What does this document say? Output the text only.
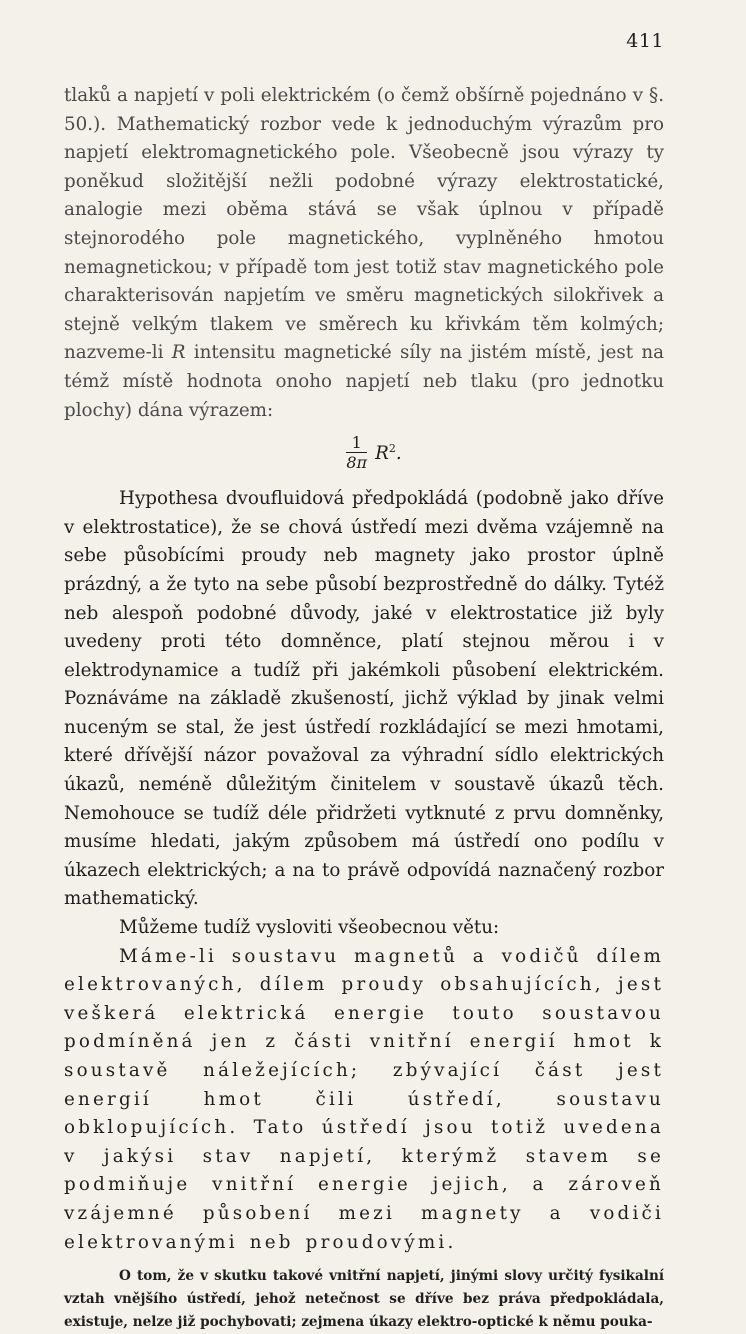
411

tlaků a napjetí v poli elektrickém (o čemž obšírně pojednáno v §. 50.). Mathematický rozbor vede k jednoduchým výrazům pro napjetí elektromagnetického pole. Všeobecně jsou výrazy ty poněkud složitější nežli podobné výrazy elektrostatické, analogie mezi oběma stává se však úplnou v případě stejnorodého pole magnetického, vyplněného hmotou nemagnetickou; v případě tom jest totiž stav magnetického pole charakterisován napjetím ve směru magnetických silokřivek a stejně velkým tlakem ve směrech ku křivkám těm kolmých; nazveme-li R intensitu magnetické síly na jistém místě, jest na témž místě hodnota onoho napjetí neb tlaku (pro jednotku plochy) dána výrazem:

$\frac{1}{8\pi} R^2$.

Hypothesa dvoufluidová předpokládá (podobně jako dříve v elektrostatice), že se chová ústředí mezi dvěma vzájemně na sebe působícími proudy neb magnety jako prostor úplně prázdný, a že tyto na sebe působí bezprostředně do dálky. Tytéž neb alespoň podobné důvody, jaké v elektrostatice již byly uvedeny proti této domněnce, platí stejnou měrou i v elektrodynamice a tudíž při jakémkoli působení elektrickém. Poznáváme na základě zkušeností, jichž výklad by jinak velmi nuceným se stal, že jest ústředí rozkládající se mezi hmotami, které dřívější názor považoval za výhradní sídlo elektrických úkazů, neméně důležitým činitelem v soustavě úkazů těch. Nemohouce se tudíž déle přidržeti vytknuté z prvu domněnky, musíme hledati, jakým způsobem má ústředí ono podílu v úkazech elektrických; a na to právě odpovídá naznačený rozbor mathematický.

Můžeme tudíž vysloviti všeobecnou větu:

Máme-li soustavu magnetů a vodičů dílem elektrovaných, dílem proudy obsahujících, jest veškerá elektrická energie touto soustavou podmíněná jen z části vnitřní energií hmot k soustavě náležejících; zbývající část jest energií hmot čili ústředí, soustavu obklopujících. Tato ústředí jsou totiž uvedena v jakýsi stav napjetí, kterýmž stavem se podmiňuje vnitřní energie jejich, a zároveň vzájemné působení mezi magnety a vodiči elektrovanými neb proudovými.

O tom, že v skutku takové vnitřní napjetí, jinými slovy určitý fysikalní vztah vnějšího ústředí, jehož netečnost se dříve bez práva předpokládala, existuje, nelze již pochybovati; zejmena úkazy elektro-optické k němu pouka-
